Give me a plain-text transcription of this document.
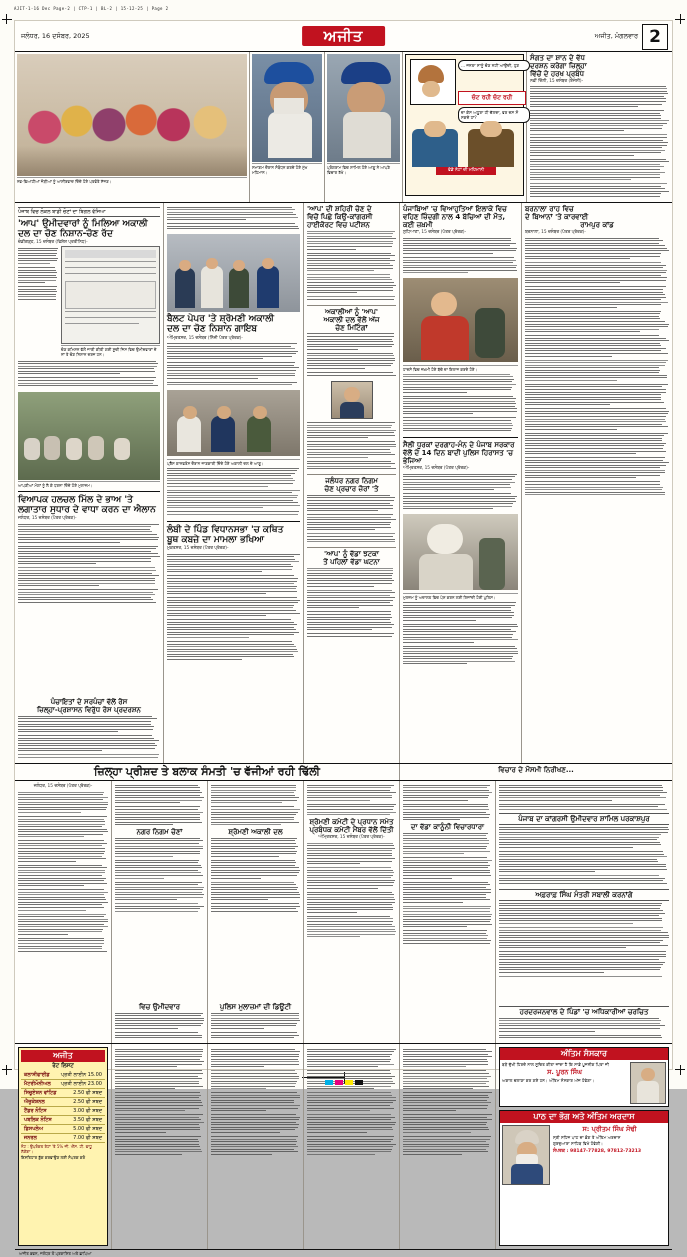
AJIT-1-16 Dec Page-2 | CTP-1 | BL-2 | 15-12-25 | Page 2
ਜਲੰਧਰ, 16 ਦਸੰਬਰ, 2025	ਅਜੀਤ	ਅਜੀਤ, ਮੰਗਲਵਾਰ 2
ਨਵ-ਵਿਆਹੀਆਂ ਜੋੜੀਆਂ ਨੂੰ ਆਸ਼ੀਰਵਾਦ ਦਿੰਦੇ ਹੋਏ ਪਤਵੰਤੇ ਸੱਜਣ।
ਸਮਾਗਮ ਦੌਰਾਨ ਸੰਬੋਧਨ ਕਰਦੇ ਹੋਏ ਮੁੱਖ ਮਹਿਮਾਨ।
ਪ੍ਰੋਗਰਾਮ ਵਿਚ ਸ਼ਾਮਿਲ ਹੋਏ ਆਗੂ ਨੇ ਆਪਣੇ ਵਿਚਾਰ ਰੱਖੇ।
... ਜਨਤਾ ਸਾਨੂੰ ਚੋਣ ਨਹੀਂ ਆਉਂਦੀ, ਹੁਣ
ਚੱਟ ਰਹੀ ਚੱਟ ਰਹੀ
ਦਾ ਕੇਸ ਅਧੂਰਾ ਹੀ ਚੱਲਦਾ, ਵਰ ਦਸ ਸੋ ਸਕਦੇ ਹਾਂ?
ਵੱਡੇ ਨੋਟਾਂ ਦੀ ਮਹਿਮਾਨੀ
ਸੰਗਤ ਦਾ ਸ਼ਾਨ ਦੇ ਵੱਧ
ਦਰਸ਼ਨ ਕਰੇਗਾ ਜ਼ਿਲ੍ਹਾ
ਵਿੱਚੋਂ ਦੇ ਹਰਖ ਪ੍ਰਬੰਧ
ਨਵੀਂ ਦਿੱਲੀ, 15 ਦਸੰਬਰ (ਏਜੰਸੀ)-
ਪੰਜਾਬ ਵਿਚ ਲੋਕਲ ਬਾਡੀ ਚੋਣਾਂ ਦਾ ਬਿਗਲ ਵੱਜਿਆ
'ਆਪ' ਉਮੀਦਵਾਰਾਂ ਨੂੰ ਮਿਲਿਆ ਅਕਾਲੀ
ਦਲ ਦਾ ਚੋਣ ਨਿਸ਼ਾਨ-ਚੋਣ ਰੱਦ
ਚੰਡੀਗੜ੍ਹ, 15 ਦਸੰਬਰ (ਵਿਸ਼ੇਸ਼ ਪ੍ਰਤੀਨਿਧ)-
ਚੋਣ ਕਮਿਸ਼ਨ ਵੱਲੋਂ ਜਾਰੀ ਕੀਤੀ ਗਈ ਸੂਚੀ ਜਿਸ ਵਿਚ ਉਮੀਦਵਾਰਾਂ ਦੇ ਨਾਂ ਤੇ ਚੋਣ ਨਿਸ਼ਾਨ ਦਰਜ ਹਨ।
ਆਪਣੀਆਂ ਮੰਗਾਂ ਨੂੰ ਲੈ ਕੇ ਧਰਨਾ ਦਿੰਦੇ ਹੋਏ ਮੁਲਾਜ਼ਮ।
ਵਿਆਪਕ ਹਲਚਲ ਮਿੱਲ ਦੇ ਭਾਅ 'ਤੇ
ਲਗਾਤਾਰ ਸੁਧਾਰ ਦੇ ਵਾਧਾ ਕਰਨ ਦਾ ਐਲਾਨ
ਜਲੰਧਰ, 15 ਦਸੰਬਰ (ਪੱਤਰ ਪ੍ਰੇਰਕ)-
ਪੰਚਾਇਤਾਂ ਦੇ ਸਰਪੰਚਾਂ ਵੱਲੋਂ ਰੋਸ
ਜ਼ਿਲ੍ਹਾ-ਪ੍ਰਸ਼ਾਸਨ ਵਿਰੁੱਧ ਰੋਸ ਪ੍ਰਦਰਸ਼ਨ
ਬੈਲਟ ਪੇਪਰ 'ਤੇ ਸ਼੍ਰੋਮਣੀ ਅਕਾਲੀ
ਦਲ ਦਾ ਚੋਣ ਨਿਸ਼ਾਨ ਗਾਇਬ
ਅੰਮ੍ਰਿਤਸਰ, 15 ਦਸੰਬਰ (ਨਿੱਜੀ ਪੱਤਰ ਪ੍ਰੇਰਕ)-
ਪ੍ਰੈੱਸ ਕਾਨਫਰੰਸ ਦੌਰਾਨ ਜਾਣਕਾਰੀ ਦਿੰਦੇ ਹੋਏ ਅਕਾਲੀ ਦਲ ਦੇ ਆਗੂ।
ਲੰਬੀ ਦੇ ਪਿੰਡ ਵਿਧਾਨਸਭਾ 'ਚ ਕਥਿਤ
ਬੂਥ ਕਬਜ਼ੇ ਦਾ ਮਾਮਲਾ ਭਖਿਆ
ਮੁਕਤਸਰ, 15 ਦਸੰਬਰ (ਪੱਤਰ ਪ੍ਰੇਰਕ)-
'ਆਪ' ਦੀ ਸ਼ਹਿਰੀ ਚੋਣ ਦੇ
ਵਿਚੋਂ ਪਿਛੇ ਕਿਉਂ-ਕਾਂਗਰਸੀ
ਹਾਈਕੋਰਟ ਵਿਚ ਪਟੀਸ਼ਨ
ਅਕਾਲੀਆਂ ਨੂੰ 'ਆਪ'
ਅਕਾਲੀ ਦਲ ਵੱਲੋਂ ਅੱਜ
ਚੋਣ ਮਿਟਿੰਗਾਂ
ਜਲੰਧਰ ਨਗਰ ਨਿਗਮ
ਚੋਣ ਪ੍ਰਚਾਰ ਜ਼ੋਰਾਂ 'ਤੇ
'ਆਪ' ਨੂੰ ਵੱਡਾ ਝਟਕਾ
ਤੋਂ ਪਹਿਲਾਂ ਵੱਡਾ ਘਟਨਾ
ਪੰਜਾਬਿਆਂ 'ਚ ਵਿਆਹੁਤਿਆਂ ਇਲਾਕੇ ਵਿਚ ਵਹਿਣ ਜ਼ਿੰਦਗੀ ਨਾਲ 4 ਬੱਚਿਆਂ ਦੀ ਮੌਤ, ਕਈ ਜ਼ਖ਼ਮੀ
ਲੁਧਿਆਣਾ, 15 ਦਸੰਬਰ (ਪੱਤਰ ਪ੍ਰੇਰਕ)-
ਹਾਦਸੇ ਵਿਚ ਜ਼ਖ਼ਮੀ ਹੋਏ ਬੱਚੇ ਦਾ ਇਲਾਜ ਕਰਦੇ ਹੋਏ।
ਸੈਲੀ ਧੂਰਕਾਂ ਦਰਗਾਹ-ਮੰਨ ਦੇ ਪੰਜਾਬ ਸਰਕਾਰ ਵੱਲੋਂ ਦੇ 14 ਦਿਨ ਬਾਦੀ ਪੁਲਿਸ ਹਿਰਾਸਤ 'ਚ ਭੇਜਿਆ
ਅੰਮ੍ਰਿਤਸਰ, 15 ਦਸੰਬਰ (ਪੱਤਰ ਪ੍ਰੇਰਕ)-
ਮੁਲਜ਼ਮ ਨੂੰ ਅਦਾਲਤ ਵਿਚ ਪੇਸ਼ ਕਰਨ ਲਈ ਲਿਜਾਂਦੀ ਹੋਈ ਪੁਲਿਸ।
ਬਰਨਾਲਾ ਰਾਹ ਵਿਚ
ਦੇ ਬਿਆਨਾਂ 'ਤੇ ਕਾਰਵਾਈ
ਰਾਮਪੁਰ ਕਾਂਡ
ਬਰਨਾਲਾ, 15 ਦਸੰਬਰ (ਪੱਤਰ ਪ੍ਰੇਰਕ)-
ਜ਼ਿਲ੍ਹਾ ਪ੍ਰੀਸ਼ਦ ਤੇ ਬਲਾਕ ਸੰਮਤੀ 'ਚ ਵੱਜੀਆਂ ਰਹੀ ਢਿੱਲੀ	ਵਿਚਾਰ ਦੇ ਮੌਸਮੀ ਨਿਰੀਖਣ...
ਜਲੰਧਰ, 15 ਦਸੰਬਰ (ਪੱਤਰ ਪ੍ਰੇਰਕ)-
ਨਗਰ ਨਿਗਮ ਚੋਣਾਂ
ਵਿਚ ਉਮੀਦਵਾਰ
ਸ਼੍ਰੋਮਣੀ ਅਕਾਲੀ ਦਲ
ਪੁਲਿਸ ਮੁਲਾਜ਼ਮਾਂ ਦੀ ਡਿਊਟੀ
ਸ਼੍ਰੋਮਣੀ ਕਮੇਟੀ ਦੇ ਪ੍ਰਧਾਨ ਸਮੇਤ
ਪ੍ਰਬੰਧਕ ਕਮੇਟੀ ਮੈਂਬਰ ਵੱਲੋਂ ਦਿੱਤੀ
ਅੰਮ੍ਰਿਤਸਰ, 15 ਦਸੰਬਰ (ਪੱਤਰ ਪ੍ਰੇਰਕ)-
ਦਾ ਵੱਡਾ ਕਾਨੂੰਨੀ ਵਿਚਾਰਧਾਰਾ
ਪੰਜਾਬ ਦਾ ਕਾਂਗਰਸੀ ਉਮੀਦਵਾਰ ਸ਼ਾਮਿਲ ਪਰਕਾਸ਼ਪੁਰ
ਅਫ਼ਰਾਫ਼ ਸਿੰਘ ਮੰਤਰੀ ਸਬਾਲੀ ਕਰਨਾਂਗੇ
ਹਰਦਰਜਨਵਾਲ ਦੇ ਪਿੰਡਾਂ 'ਚ ਅਧਿਕਾਰੀਆਂ ਚਰਚਿਤ
ਅਜੀਤ
ਰੇਟ ਲਿਸਟ
ਕਲਾਸੀਫਾਈਡ ਪ੍ਰਤੀ ਲਾਈਨ 15.00
ਮੈਟਰੀਮੋਨੀਅਲ ਪ੍ਰਤੀ ਲਾਈਨ 23.00
ਸਿਚੂਏਸ਼ਨ ਵਾਂਟਿਡ	2.50 ਫੀ ਸ਼ਬਦ
ਐਜੂਕੇਸ਼ਨਲ	2.50 ਫੀ ਸ਼ਬਦ
ਟੈਂਡਰ ਨੋਟਿਸ	3.00 ਫੀ ਸ਼ਬਦ
ਪਬਲਿਕ ਨੋਟਿਸ	3.50 ਫੀ ਸ਼ਬਦ
ਡਿਸਪਲੇਅ	5.00 ਫੀ ਸ਼ਬਦ
ਜਨਰਲ	7.00 ਫੀ ਸ਼ਬਦ
ਨੋਟ : ਉਪਰੋਕਤ ਰੇਟਾਂ 'ਤੇ 5% ਜੀ. ਐੱਸ. ਟੀ. ਵਾਧੂ ਲੱਗੇਗਾ।
ਇਸ਼ਤਿਹਾਰ ਬੁੱਕ ਕਰਵਾਉਣ ਲਈ ਸੰਪਰਕ ਕਰੋ
ਅੰਤਿਮ ਸੰਸਕਾਰ
ਬੜੇ ਦੁੱਖੀ ਹਿਰਦੇ ਨਾਲ ਸੂਚਿਤ ਕੀਤਾ ਜਾਂਦਾ ਹੈ ਕਿ ਸਾਡੇ ਪੂਜਨੀਕ ਪਿਤਾ ਜੀ
ਸ. ਪੂਰਨ ਸਿੰਘ
ਅਕਾਲ ਚਲਾਣਾ ਕਰ ਗਏ ਹਨ। ਅੰਤਿਮ ਸੰਸਕਾਰ ਅੱਜ ਹੋਵੇਗਾ।
ਪਾਠ ਦਾ ਭੋਗ ਅਤੇ ਅੰਤਿਮ ਅਰਦਾਸ
ਸ: ਪ੍ਰੀਤਮ ਸਿੰਘ ਸੋਢੀ
ਸ੍ਰੀ ਸਹਿਜ ਪਾਠ ਦਾ ਭੋਗ ਤੇ ਅੰਤਿਮ ਅਰਦਾਸ
ਗੁਰਦੁਆਰਾ ਸਾਹਿਬ ਵਿਖੇ ਹੋਵੇਗੀ।
ਸੰਪਰਕ : 98147-77828, 97812-73213
ਅਜੀਤ ਭਵਨ, ਜਲੰਧਰ ਤੋਂ ਪ੍ਰਕਾਸ਼ਿਤ ਅਤੇ ਛਾਪਿਆ
